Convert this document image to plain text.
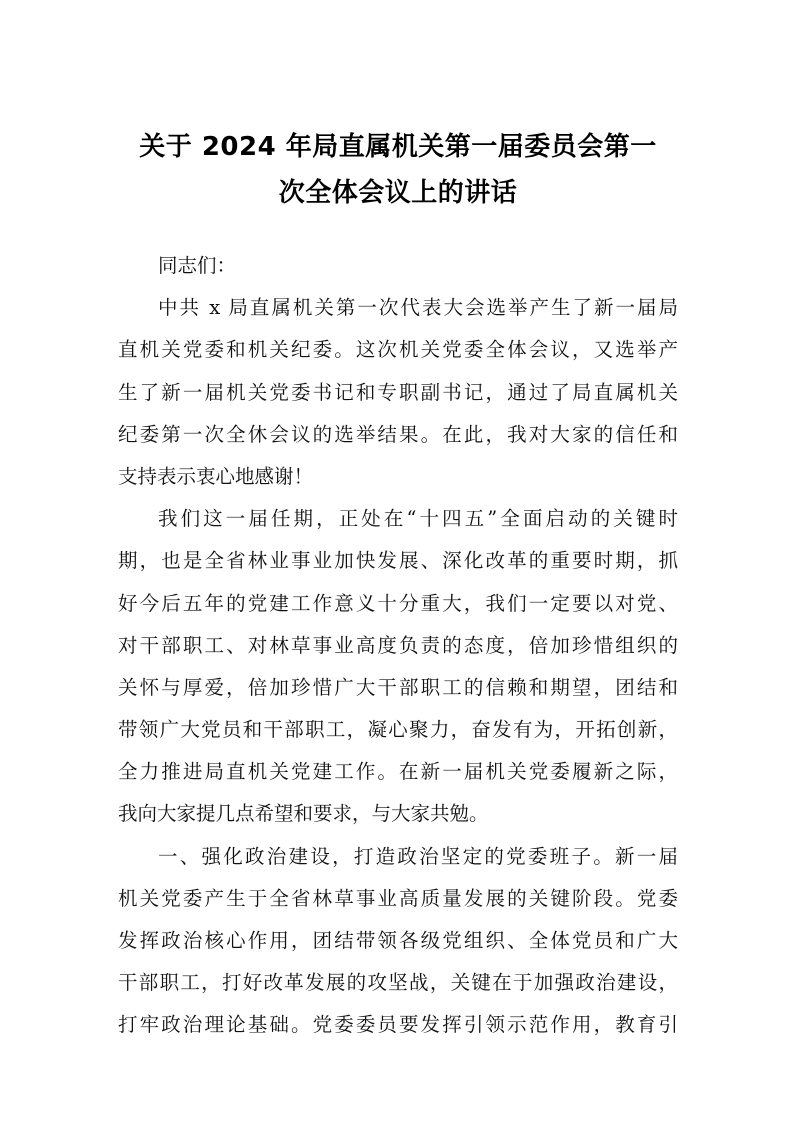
关于 2024 年局直属机关第一届委员会第一
次全体会议上的讲话
同志们：
中共 x 局直属机关第一次代表大会选举产生了新一届局
直机关党委和机关纪委。这次机关党委全体会议，又选举产
生了新一届机关党委书记和专职副书记，通过了局直属机关
纪委第一次全休会议的选举结果。在此，我对大家的信任和
支持表示衷心地感谢！
我们这一届任期，正处在“十四五”全面启动的关键时
期，也是全省林业事业加快发展、深化改革的重要时期，抓
好今后五年的党建工作意义十分重大，我们一定要以对党、
对干部职工、对林草事业高度负责的态度，倍加珍惜组织的
关怀与厚爱，倍加珍惜广大干部职工的信赖和期望，团结和
带领广大党员和干部职工，凝心聚力，奋发有为，开拓创新，
全力推进局直机关党建工作。在新一届机关党委履新之际，
我向大家提几点希望和要求，与大家共勉。
一、强化政治建设，打造政治坚定的党委班子。新一届
机关党委产生于全省林草事业高质量发展的关键阶段。党委
发挥政治核心作用，团结带领各级党组织、全体党员和广大
干部职工，打好改革发展的攻坚战，关键在于加强政治建设，
打牢政治理论基础。党委委员要发挥引领示范作用，教育引
